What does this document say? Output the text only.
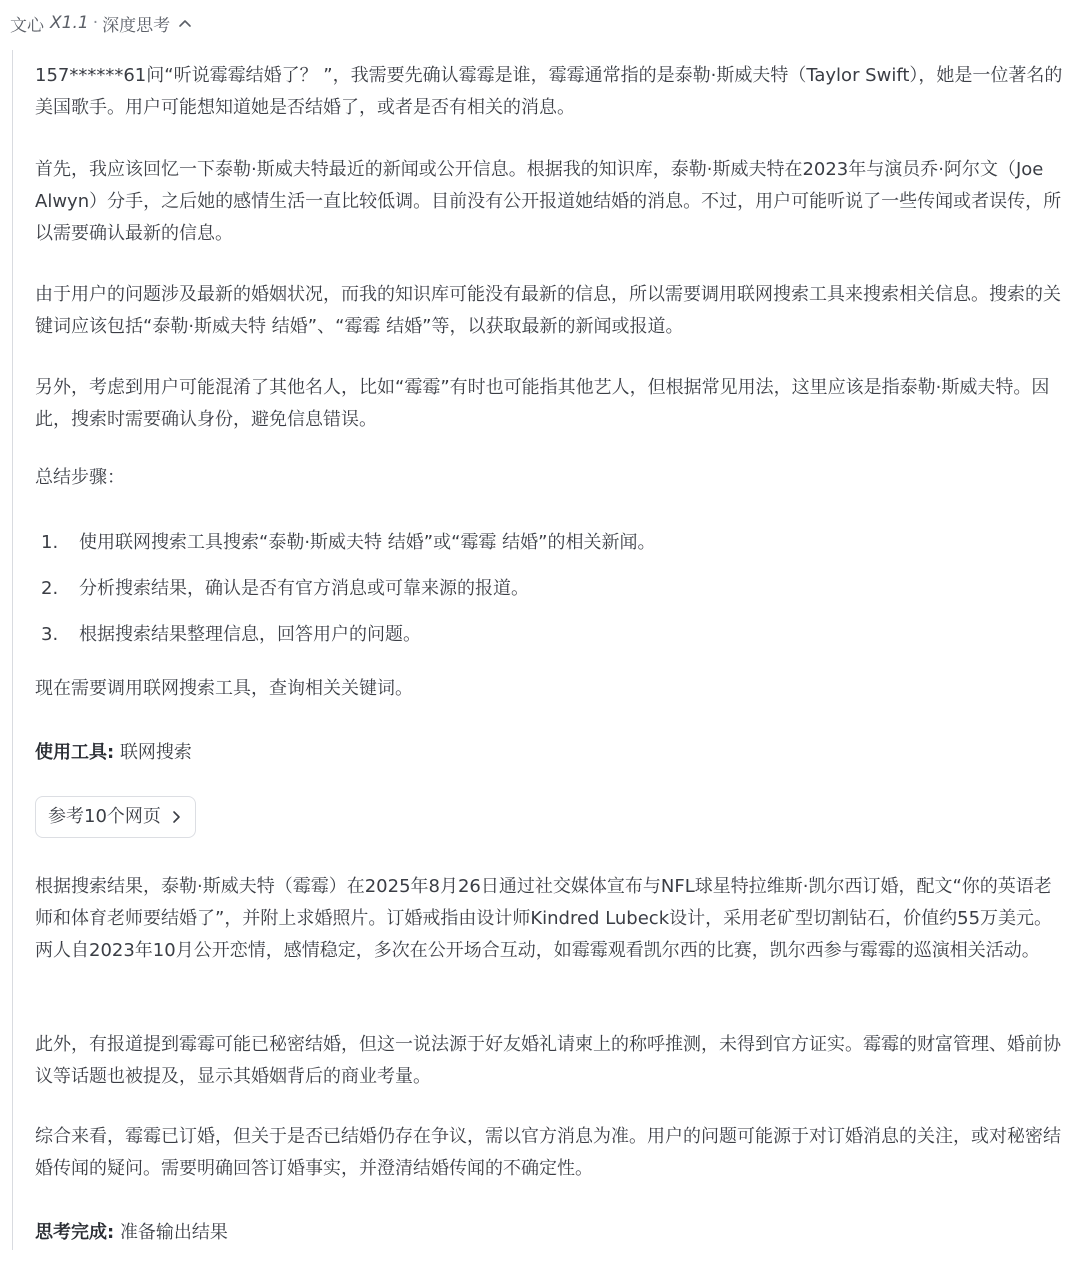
文心 X1.1 · 深度思考

157******61问“听说霉霉结婚了？ ”，我需要先确认霉霉是谁，霉霉通常指的是泰勒·斯威夫特（Taylor Swift），她是一位著名的美国歌手。用户可能想知道她是否结婚了，或者是否有相关的消息。

首先，我应该回忆一下泰勒·斯威夫特最近的新闻或公开信息。根据我的知识库，泰勒·斯威夫特在2023年与演员乔·阿尔文（Joe Alwyn）分手，之后她的感情生活一直比较低调。目前没有公开报道她结婚的消息。不过，用户可能听说了一些传闻或者误传，所以需要确认最新的信息。

由于用户的问题涉及最新的婚姻状况，而我的知识库可能没有最新的信息，所以需要调用联网搜索工具来搜索相关信息。搜索的关键词应该包括“泰勒·斯威夫特 结婚”、“霉霉 结婚”等，以获取最新的新闻或报道。

另外，考虑到用户可能混淆了其他名人，比如“霉霉”有时也可能指其他艺人，但根据常见用法，这里应该是指泰勒·斯威夫特。因此，搜索时需要确认身份，避免信息错误。

总结步骤：

1.	使用联网搜索工具搜索“泰勒·斯威夫特 结婚”或“霉霉 结婚”的相关新闻。
2.	分析搜索结果，确认是否有官方消息或可靠来源的报道。
3.	根据搜索结果整理信息，回答用户的问题。

现在需要调用联网搜索工具，查询相关关键词。

使用工具: 联网搜索

参考10个网页

根据搜索结果，泰勒·斯威夫特（霉霉）在2025年8月26日通过社交媒体宣布与NFL球星特拉维斯·凯尔西订婚，配文“你的英语老师和体育老师要结婚了”，并附上求婚照片。订婚戒指由设计师Kindred Lubeck设计，采用老矿型切割钻石，价值约55万美元。两人自2023年10月公开恋情，感情稳定，多次在公开场合互动，如霉霉观看凯尔西的比赛，凯尔西参与霉霉的巡演相关活动。

此外，有报道提到霉霉可能已秘密结婚，但这一说法源于好友婚礼请柬上的称呼推测，未得到官方证实。霉霉的财富管理、婚前协议等话题也被提及，显示其婚姻背后的商业考量。

综合来看，霉霉已订婚，但关于是否已结婚仍存在争议，需以官方消息为准。用户的问题可能源于对订婚消息的关注，或对秘密结婚传闻的疑问。需要明确回答订婚事实，并澄清结婚传闻的不确定性。

思考完成: 准备输出结果
